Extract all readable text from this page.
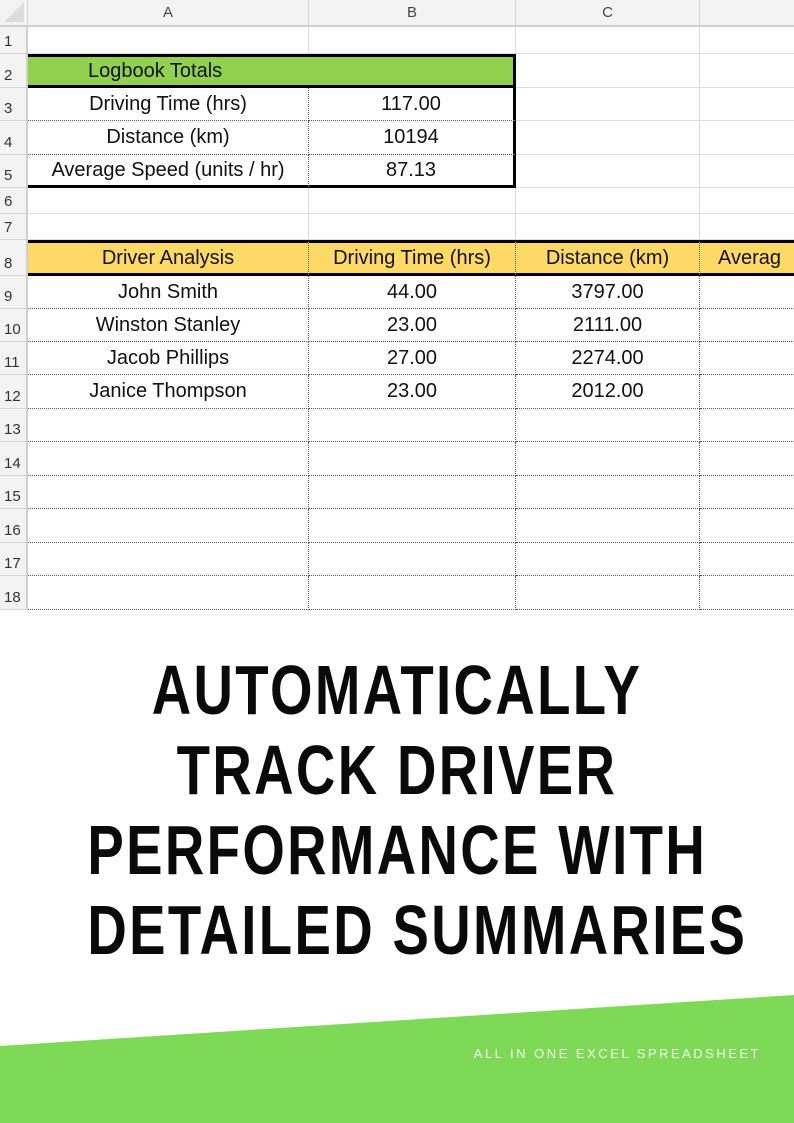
A	B	C
1
2	Logbook Totals
3	Driving Time (hrs)	117.00
4	Distance (km)	10194
5	Average Speed (units / hr)	87.13
6
7
8	Driver Analysis	Driving Time (hrs)	Distance (km)	Averag
9	John Smith	44.00	3797.00
10	Winston Stanley	23.00	2111.00
11	Jacob Phillips	27.00	2274.00
12	Janice Thompson	23.00	2012.00
13
14
15
16
17
18
AUTOMATICALLY
TRACK DRIVER
PERFORMANCE WITH
DETAILED SUMMARIES
ALL IN ONE EXCEL SPREADSHEET
